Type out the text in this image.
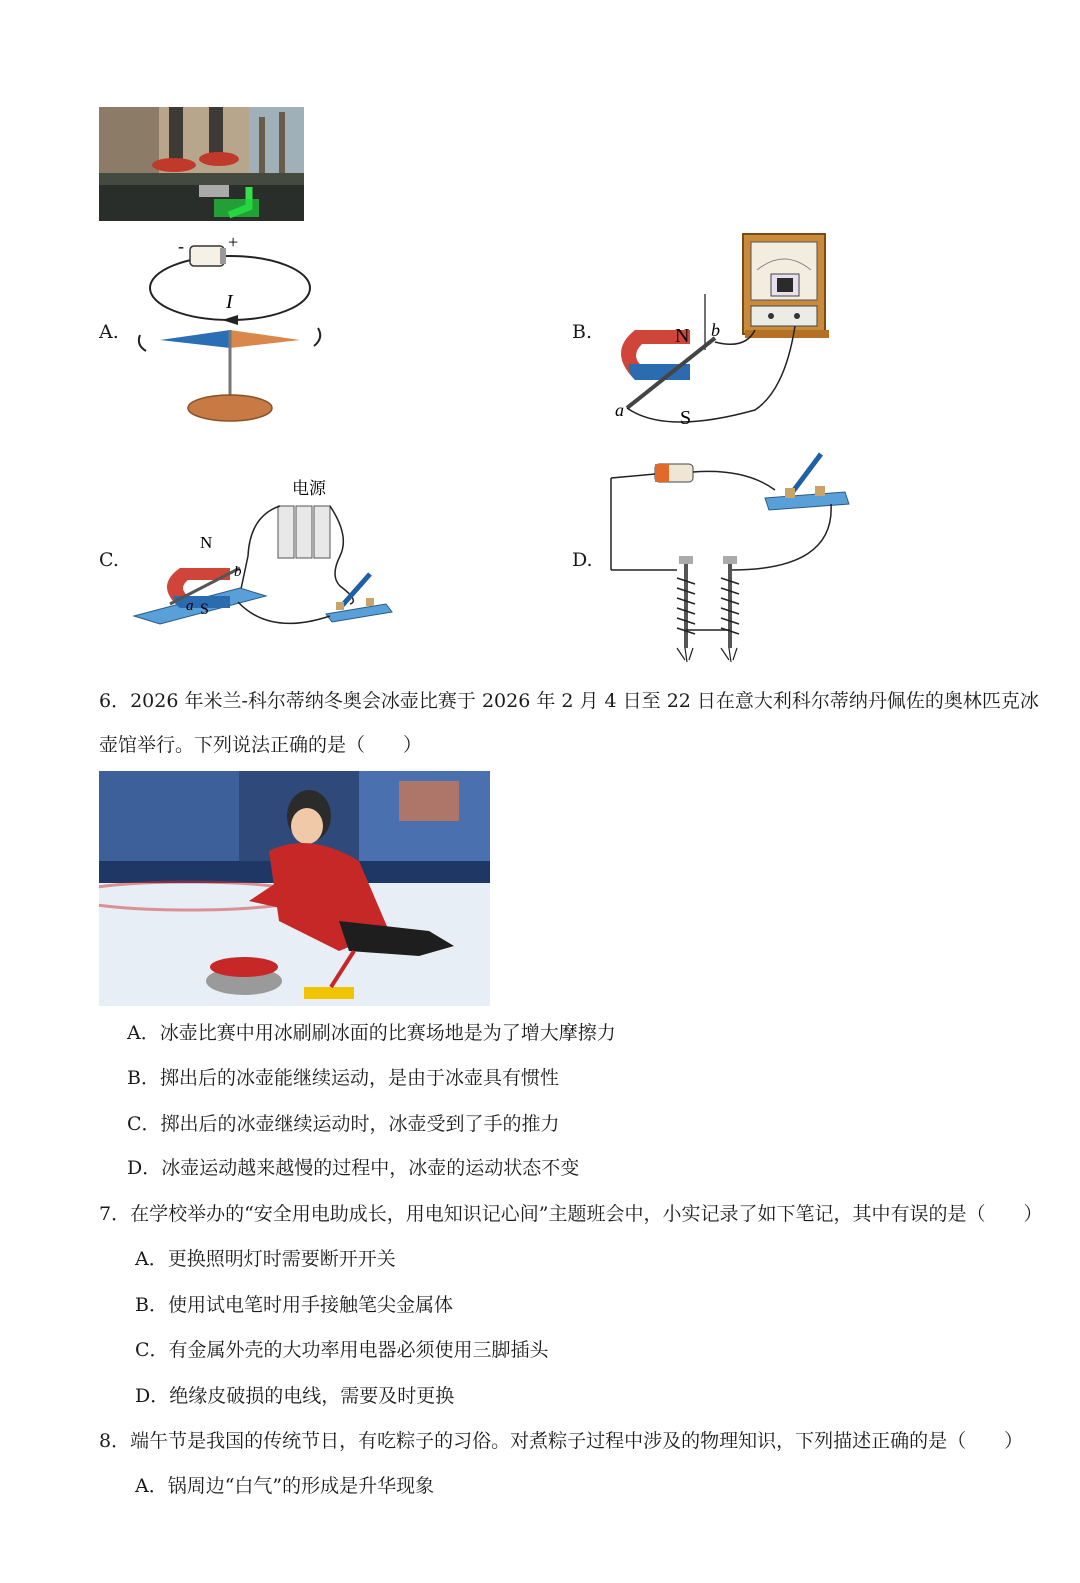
A.
- +
I
B.	N
S
a
b
C.
电源
N
S
a
b
D.
6．2026 年米兰-科尔蒂纳冬奥会冰壶比赛于 2026 年 2 月 4 日至 22 日在意大利科尔蒂纳丹佩佐的奥林匹克冰
壶馆举行。下列说法正确的是（　　）
A．冰壶比赛中用冰刷刷冰面的比赛场地是为了增大摩擦力
B．掷出后的冰壶能继续运动，是由于冰壶具有惯性
C．掷出后的冰壶继续运动时，冰壶受到了手的推力
D．冰壶运动越来越慢的过程中，冰壶的运动状态不变
7．在学校举办的“安全用电助成长，用电知识记心间”主题班会中，小实记录了如下笔记，其中有误的是（　　）
A．更换照明灯时需要断开开关
B．使用试电笔时用手接触笔尖金属体
C．有金属外壳的大功率用电器必须使用三脚插头
D．绝缘皮破损的电线，需要及时更换
8．端午节是我国的传统节日，有吃粽子的习俗。对煮粽子过程中涉及的物理知识，下列描述正确的是（　　）
A．锅周边“白气”的形成是升华现象
